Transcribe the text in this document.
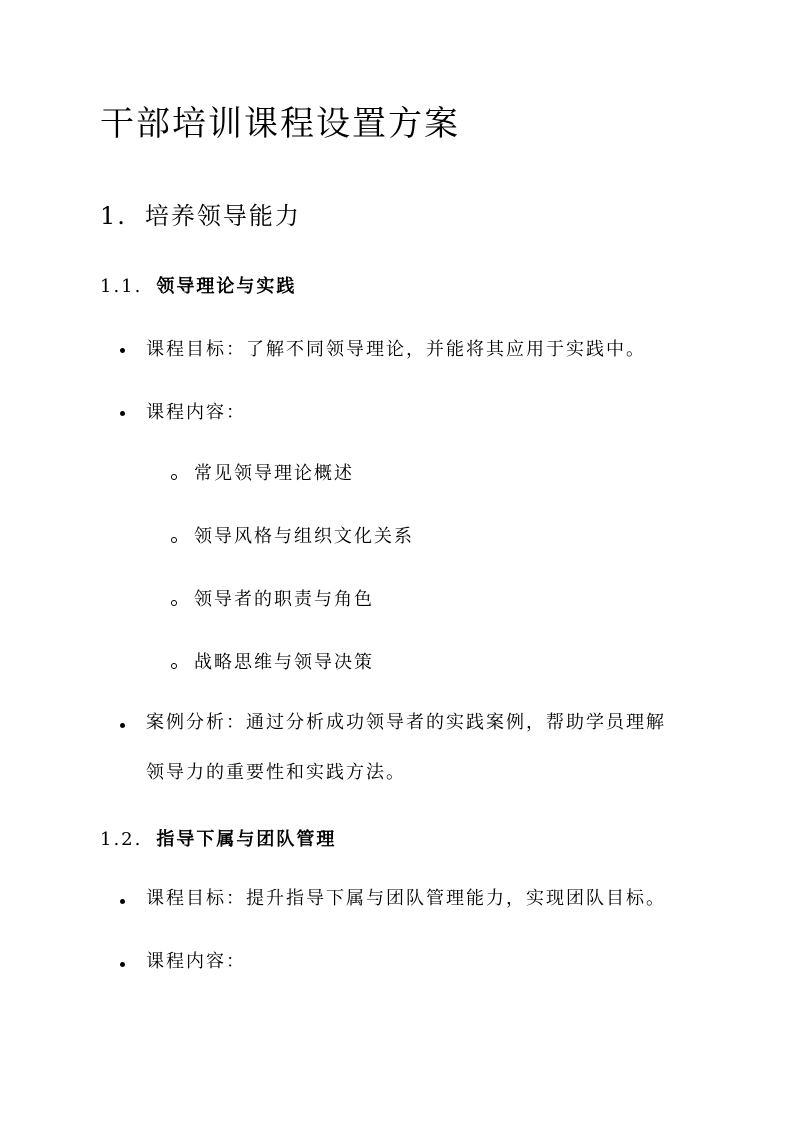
干部培训课程设置方案
1. 培养领导能力
1.1. 领导理论与实践
课程目标：了解不同领导理论，并能将其应用于实践中。
课程内容：
常见领导理论概述
领导风格与组织文化关系
领导者的职责与角色
战略思维与领导决策
案例分析：通过分析成功领导者的实践案例，帮助学员理解
领导力的重要性和实践方法。
1.2. 指导下属与团队管理
课程目标：提升指导下属与团队管理能力，实现团队目标。
课程内容：
